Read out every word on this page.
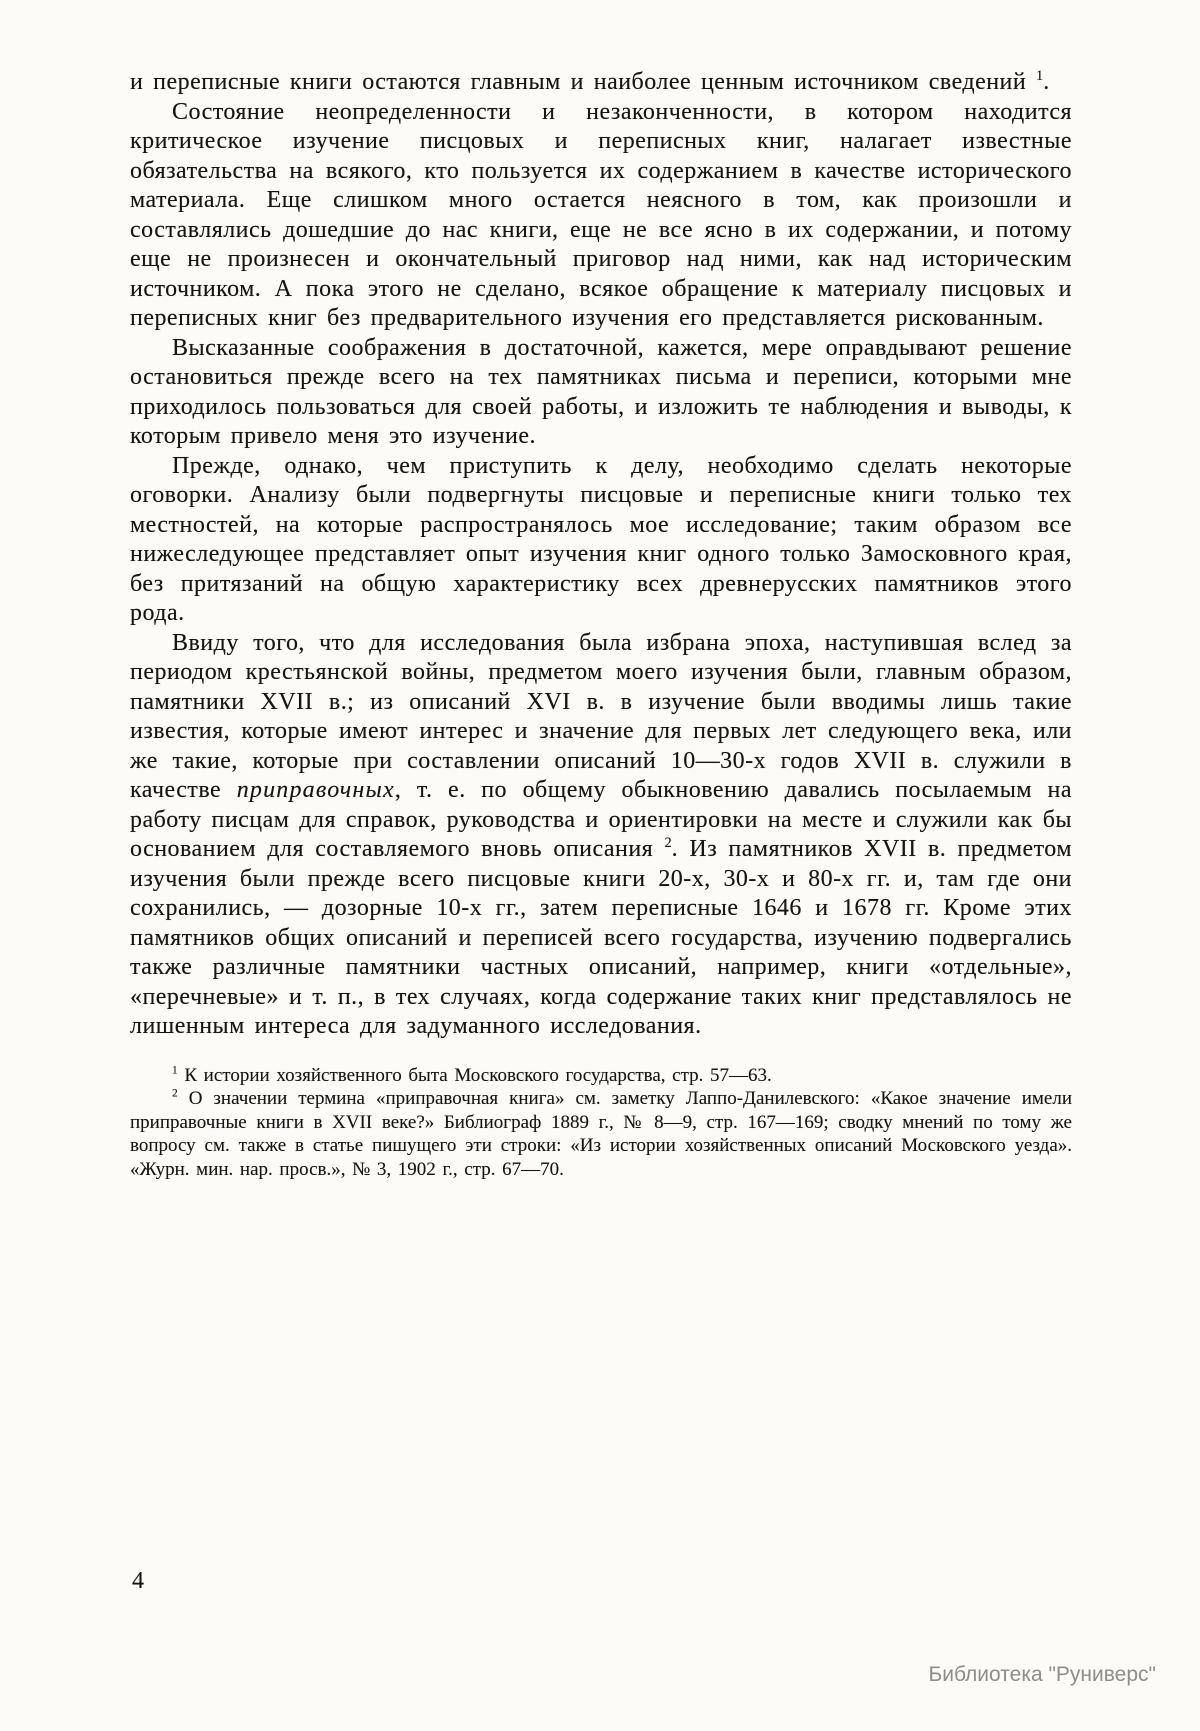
и переписные книги остаются главным и наиболее ценным источником сведений $^1$.

Состояние неопределенности и незаконченности, в котором находится критическое изучение писцовых и переписных книг, налагает известные обязательства на всякого, кто пользуется их содержанием в качестве исторического материала. Еще слишком много остается неясного в том, как произошли и составлялись дошедшие до нас книги, еще не все ясно в их содержании, и потому еще не произнесен и окончательный приговор над ними, как над историческим источником. А пока этого не сделано, всякое обращение к материалу писцовых и переписных книг без предварительного изучения его представляется рискованным.

Высказанные соображения в достаточной, кажется, мере оправдывают решение остановиться прежде всего на тех памятниках письма и переписи, которыми мне приходилось пользоваться для своей работы, и изложить те наблюдения и выводы, к которым привело меня это изучение.

Прежде, однако, чем приступить к делу, необходимо сделать некоторые оговорки. Анализу были подвергнуты писцовые и переписные книги только тех местностей, на которые распространялось мое исследование; таким образом все нижеследующее представляет опыт изучения книг одного только Замосковного края, без притязаний на общую характеристику всех древнерусских памятников этого рода.

Ввиду того, что для исследования была избрана эпоха, наступившая вслед за периодом крестьянской войны, предметом моего изучения были, главным образом, памятники XVII в.; из описаний XVI в. в изучение были вводимы лишь такие известия, которые имеют интерес и значение для первых лет следующего века, или же такие, которые при составлении описаний 10—30-х годов XVII в. служили в качестве приправочных, т. е. по общему обыкновению давались посылаемым на работу писцам для справок, руководства и ориентировки на месте и служили как бы основанием для составляемого вновь описания $^2$. Из памятников XVII в. предметом изучения были прежде всего писцовые книги 20-х, 30-х и 80-х гг. и, там где они сохранились, — дозорные 10-х гг., затем переписные 1646 и 1678 гг. Кроме этих памятников общих описаний и переписей всего государства, изучению подвергались также различные памятники частных описаний, например, книги «отдельные», «перечневые» и т. п., в тех случаях, когда содержание таких книг представлялось не лишенным интереса для задуманного исследования.

$^1$ К истории хозяйственного быта Московского государства, стр. 57—63.

$^2$ О значении термина «приправочная книга» см. заметку Лаппо-Данилевского: «Какое значение имели приправочные книги в XVII веке?» Библиограф 1889 г., № 8—9, стр. 167—169; сводку мнений по тому же вопросу см. также в статье пишущего эти строки: «Из истории хозяйственных описаний Московского уезда». «Журн. мин. нар. просв.», № 3, 1902 г., стр. 67—70.

4
Библиотека "Руниверс"
